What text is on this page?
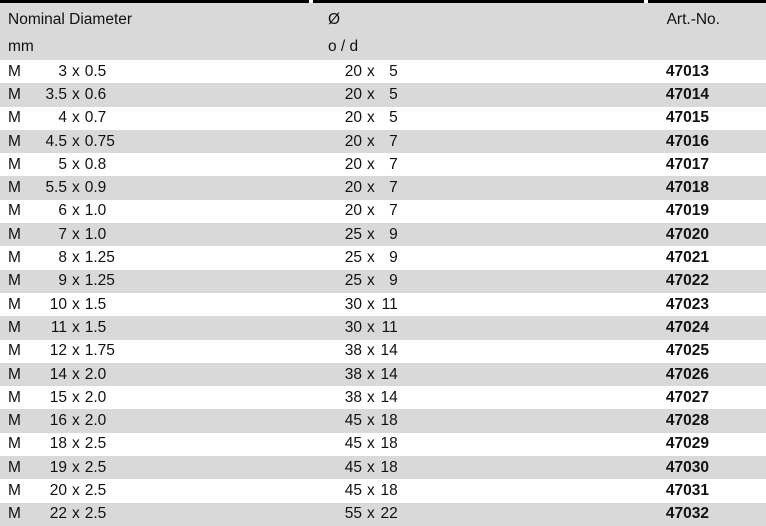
Nominal Diameter	Ø	Art.-No.
mm	o / d
M 3 x 0.5	20 x 5	47013
M 3.5 x 0.6	20 x 5	47014
M 4 x 0.7	20 x 5	47015
M 4.5 x 0.75	20 x 7	47016
M 5 x 0.8	20 x 7	47017
M 5.5 x 0.9	20 x 7	47018
M 6 x 1.0	20 x 7	47019
M 7 x 1.0	25 x 9	47020
M 8 x 1.25	25 x 9	47021
M 9 x 1.25	25 x 9	47022
M 10 x 1.5	30 x 11	47023
M 11 x 1.5	30 x 11	47024
M 12 x 1.75	38 x 14	47025
M 14 x 2.0	38 x 14	47026
M 15 x 2.0	38 x 14	47027
M 16 x 2.0	45 x 18	47028
M 18 x 2.5	45 x 18	47029
M 19 x 2.5	45 x 18	47030
M 20 x 2.5	45 x 18	47031
M 22 x 2.5	55 x 22	47032
